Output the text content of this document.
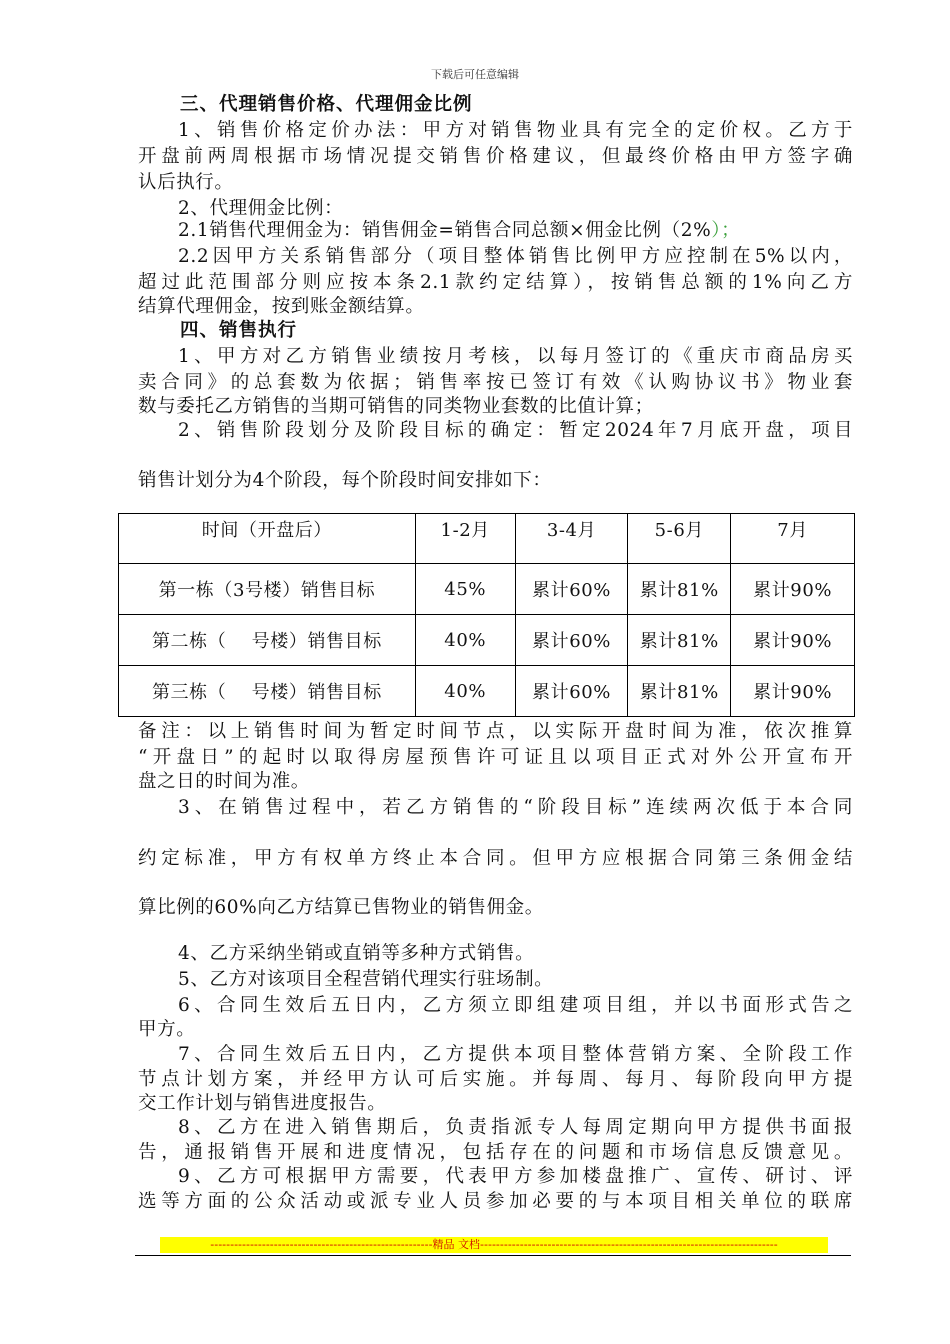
下载后可任意编辑
三、代理销售价格、代理佣金比例
1、销售价格定价办法：甲方对销售物业具有完全的定价权。乙方于
开盘前两周根据市场情况提交销售价格建议，但最终价格由甲方签字确
认后执行。
2、代理佣金比例：
2.1销售代理佣金为：销售佣金=销售合同总额×佣金比例（2%）；
2.2因甲方关系销售部分（项目整体销售比例甲方应控制在5%以内，
超过此范围部分则应按本条2.1款约定结算），按销售总额的1%向乙方
结算代理佣金，按到账金额结算。
四、销售执行
1、甲方对乙方销售业绩按月考核，以每月签订的《重庆市商品房买
卖合同》的总套数为依据；销售率按已签订有效《认购协议书》物业套
数与委托乙方销售的当期可销售的同类物业套数的比值计算；
2、销售阶段划分及阶段目标的确定：暂定2024年7月底开盘，项目
销售计划分为4个阶段，每个阶段时间安排如下：
时间（开盘后）	1-2月	3-4月	5-6月	7月
第一栋（3号楼）销售目标	45%	累计60%	累计81%	累计90%
第二栋（    号楼）销售目标	40%	累计60%	累计81%	累计90%
第三栋（    号楼）销售目标	40%	累计60%	累计81%	累计90%
备注：以上销售时间为暂定时间节点，以实际开盘时间为准，依次推算
“开盘日”的起时以取得房屋预售许可证且以项目正式对外公开宣布开
盘之日的时间为准。
3、在销售过程中，若乙方销售的“阶段目标”连续两次低于本合同
约定标准，甲方有权单方终止本合同。但甲方应根据合同第三条佣金结
算比例的60%向乙方结算已售物业的销售佣金。
4、乙方采纳坐销或直销等多种方式销售。
5、乙方对该项目全程营销代理实行驻场制。
6、合同生效后五日内，乙方须立即组建项目组，并以书面形式告之
甲方。
7、合同生效后五日内，乙方提供本项目整体营销方案、全阶段工作
节点计划方案，并经甲方认可后实施。并每周、每月、每阶段向甲方提
交工作计划与销售进度报告。
8、乙方在进入销售期后，负责指派专人每周定期向甲方提供书面报
告，通报销售开展和进度情况，包括存在的问题和市场信息反馈意见。
9、乙方可根据甲方需要，代表甲方参加楼盘推广、宣传、研讨、评
选等方面的公众活动或派专业人员参加必要的与本项目相关单位的联席
--------------------------------------------------------精品 文档---------------------------------------------------------------------------
